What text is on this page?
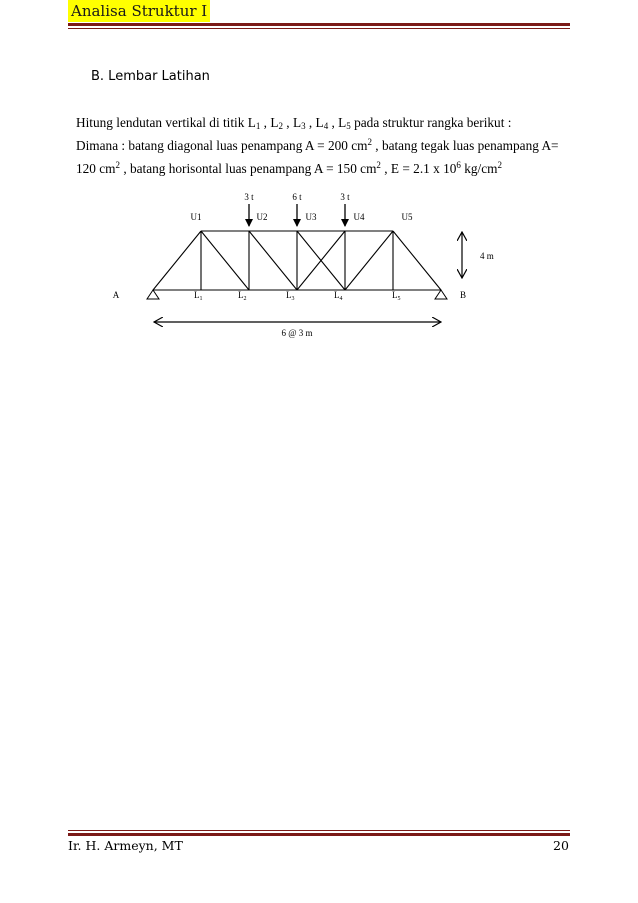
Analisa Struktur I
B. Lembar Latihan
Hitung lendutan vertikal di titik $L_1$ , $L_2$ , $L_3$ , $L_4$ , $L_5$ pada struktur rangka berikut :
Dimana : batang diagonal luas penampang A = 200 $cm^2$ , batang tegak luas penampang A=
120 $cm^2$ , batang horisontal luas penampang A = 150 $cm^2$ , E = 2.1 x $10^6$ $kg/cm^2$
3 t	6 t	3 t
U1	U2	U3	U4	U5
A	B
$L_1$	$L_2$	$L_3$	$L_4$	$L_5$
4 m
6 @ 3 m
Ir. H. Armeyn, MT	20
